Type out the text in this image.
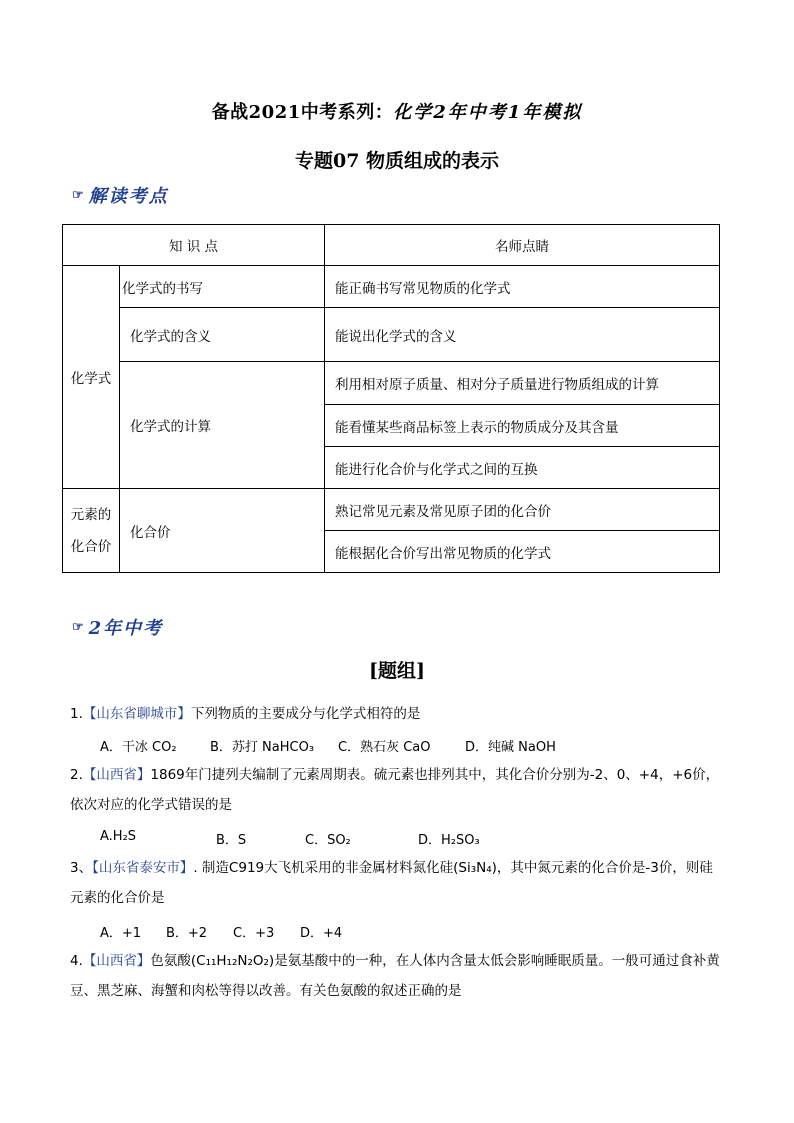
备战2021中考系列：化学2年中考1年模拟
专题07 物质组成的表示
☞ 解读考点
知 识 点		名师点睛
化学式	化学式的书写	能正确书写常见物质的化学式
	化学式的含义	能说出化学式的含义
	化学式的计算	利用相对原子质量、相对分子质量进行物质组成的计算
		能看懂某些商品标签上表示的物质成分及其含量
		能进行化合价与化学式之间的互换

元素的化合价	化合价	熟记常见元素及常见原子团的化合价
		能根据化合价写出常见物质的化学式
☞ 2年中考
[题组]
1.【山东省聊城市】下列物质的主要成分与化学式相符的是
A．干冰 CO₂	B．苏打 NaHCO₃ C．熟石灰 CaO	D．纯碱 NaOH
2.【山西省】1869年门捷列夫编制了元素周期表。硫元素也排列其中，其化合价分别为-2、0、+4，+6价，依次对应的化学式错误的是
A.H₂S	B．S	C．SO₂	D．H₂SO₃
3、【山东省泰安市】. 制造C919大飞机采用的非金属材料氮化硅(Si₃N₄)，其中氮元素的化合价是-3价，则硅元素的化合价是
A．+1 B．+2 C．+3 D．+4
4.【山西省】色氨酸(C₁₁H₁₂N₂O₂)是氨基酸中的一种，在人体内含量太低会影响睡眠质量。一般可通过食补黄豆、黑芝麻、海蟹和肉松等得以改善。有关色氨酸的叙述正确的是
